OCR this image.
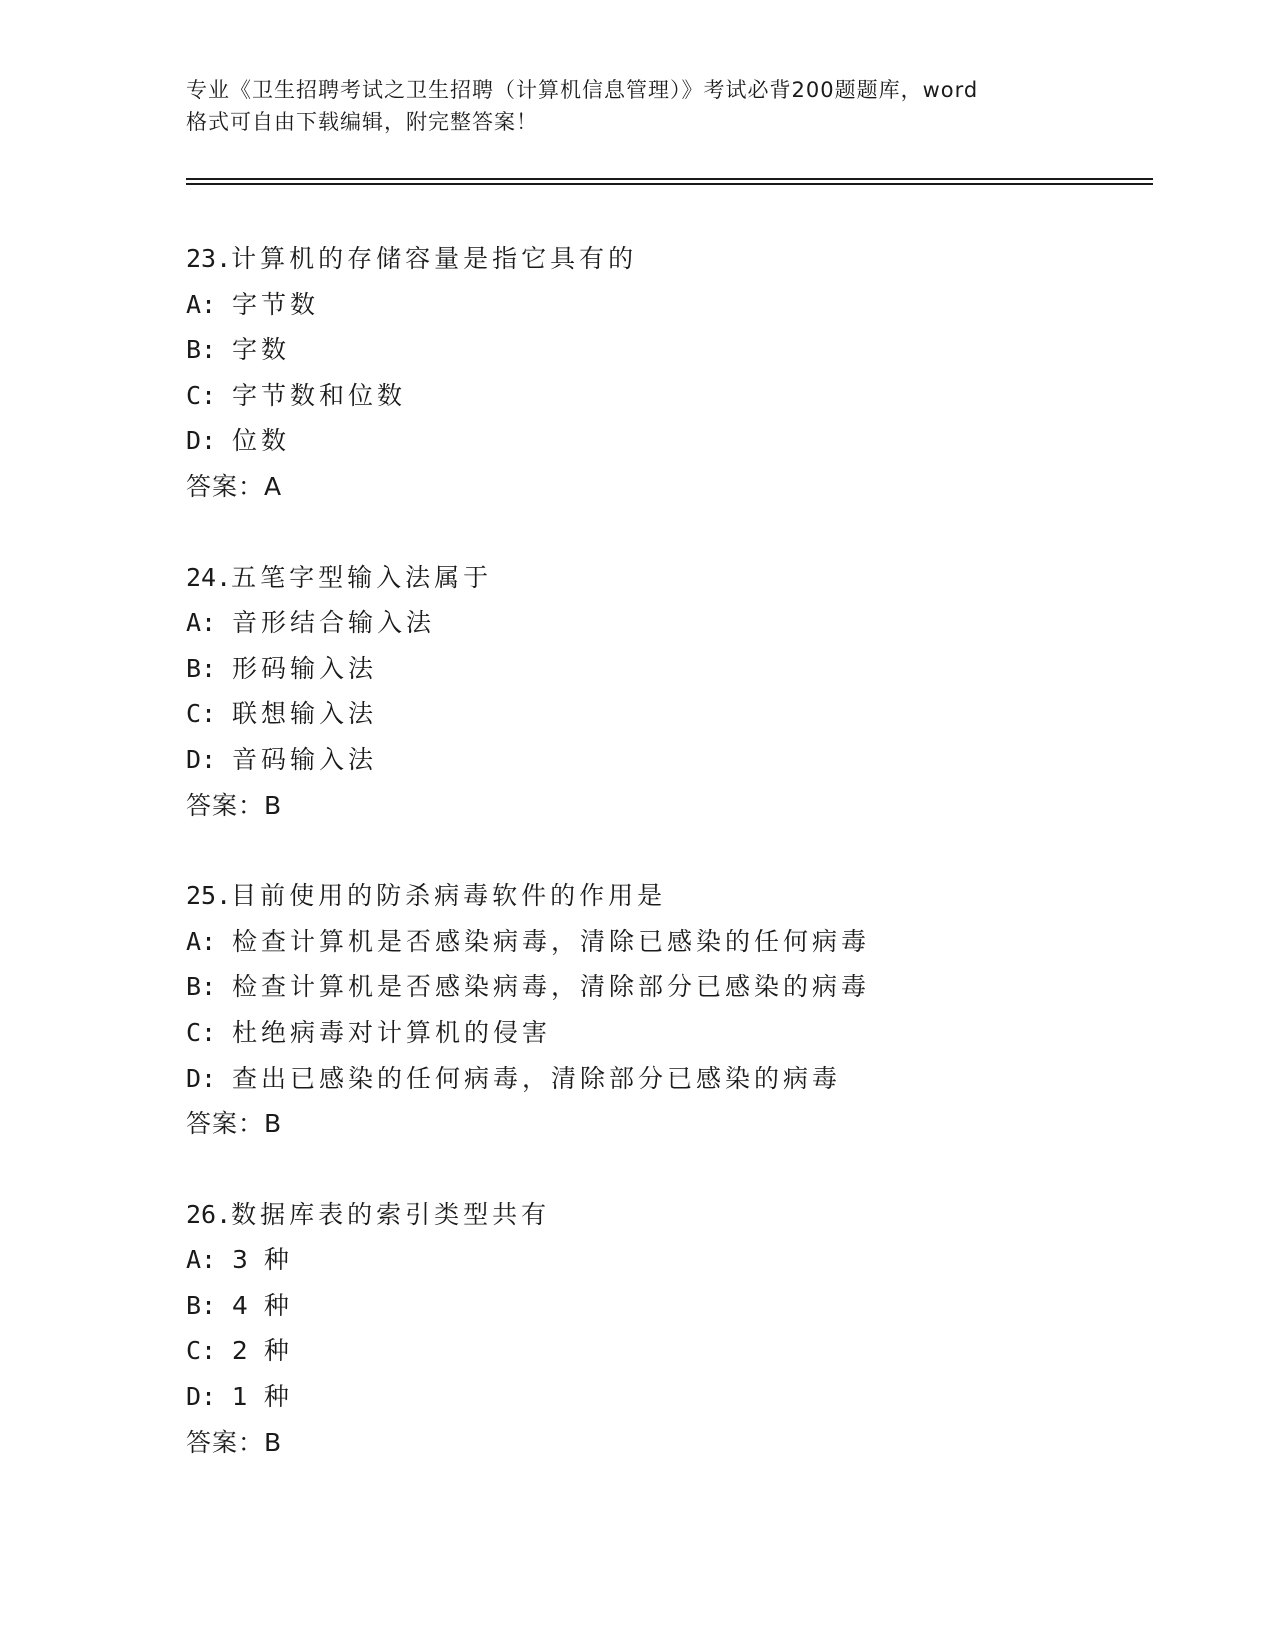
专业《卫生招聘考试之卫生招聘（计算机信息管理）》考试必背200题题库，word

格式可自由下载编辑，附完整答案！

23.计算机的存储容量是指它具有的
A: 字节数
B: 字数
C: 字节数和位数
D: 位数
答案：A
24.五笔字型输入法属于
A: 音形结合输入法
B: 形码输入法
C: 联想输入法
D: 音码输入法
答案：B
25.目前使用的防杀病毒软件的作用是
A: 检查计算机是否感染病毒，清除已感染的任何病毒
B: 检查计算机是否感染病毒，清除部分已感染的病毒
C: 杜绝病毒对计算机的侵害
D: 查出已感染的任何病毒，清除部分已感染的病毒
答案：B
26.数据库表的索引类型共有
A: 3 种
B: 4 种
C: 2 种
D: 1 种
答案：B
